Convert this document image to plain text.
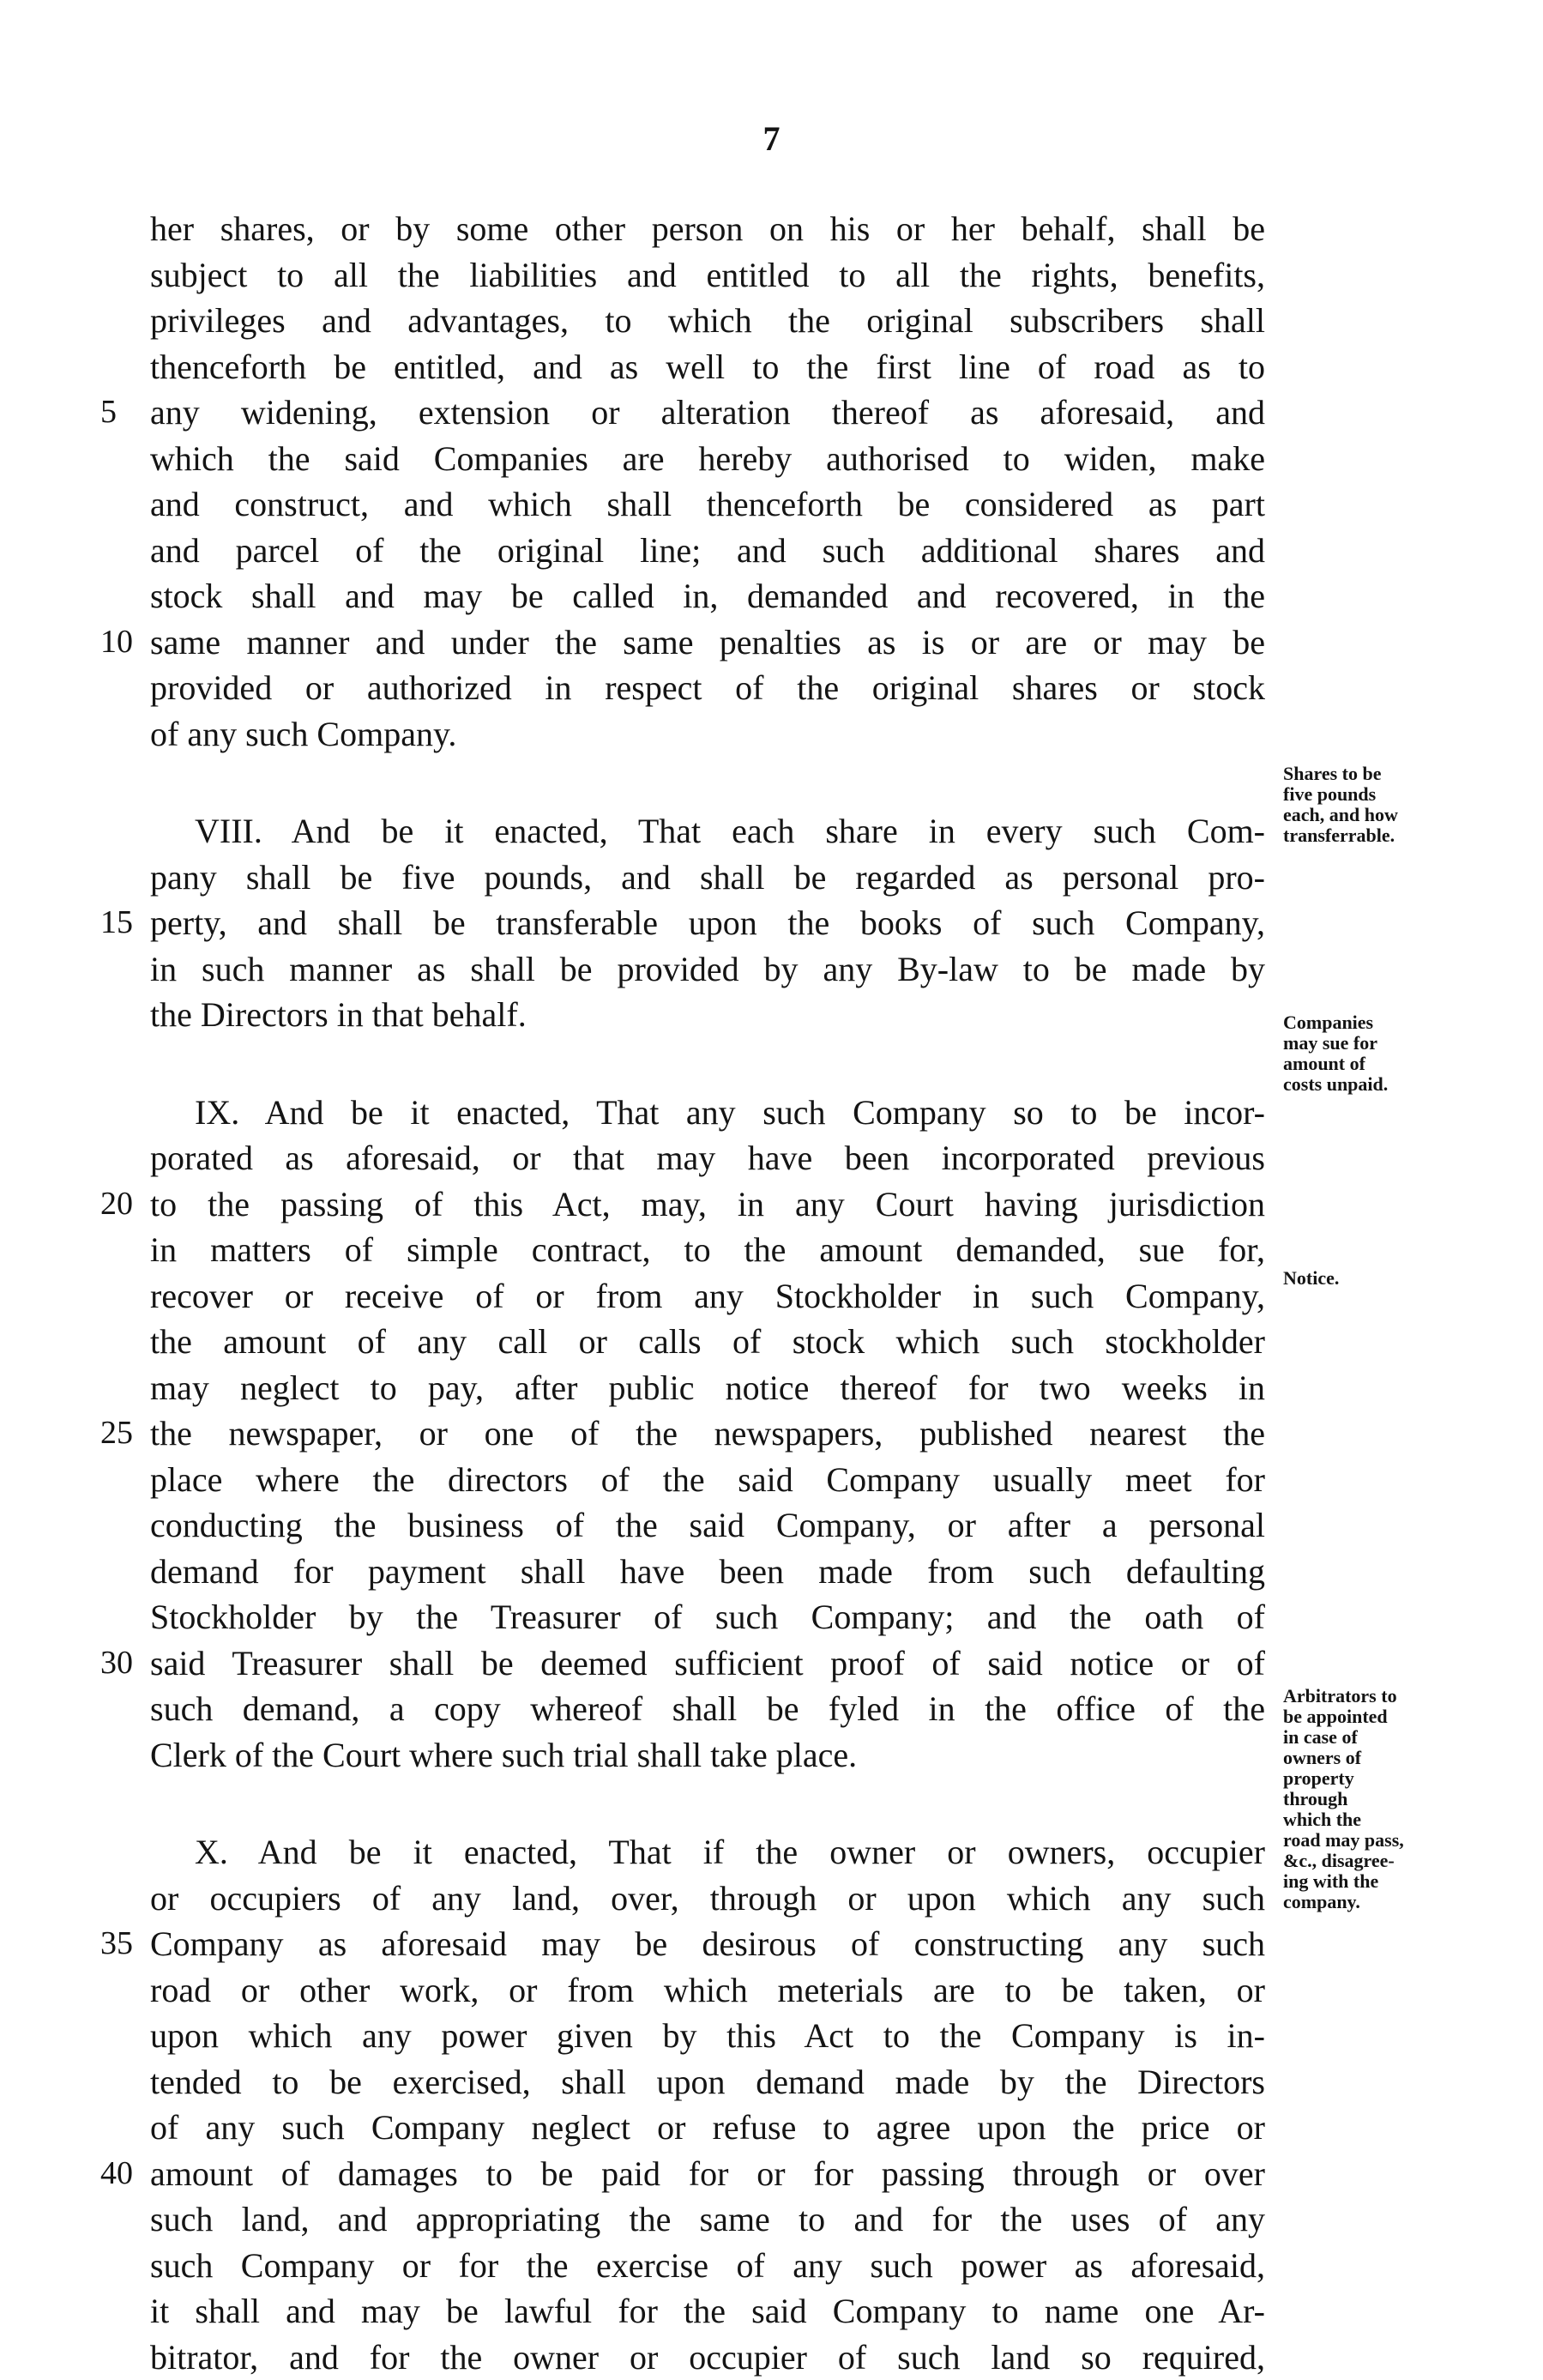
7
her shares, or by some other person on his or her behalf, shall be
subject to all the liabilities and entitled to all the rights, benefits,
privileges and advantages, to which the original subscribers shall
thenceforth be entitled, and as well to the first line of road as to
5 any widening, extension or alteration thereof as aforesaid, and
which the said Companies are hereby authorised to widen, make
and construct, and which shall thenceforth be considered as part
and parcel of the original line; and such additional shares and
stock shall and may be called in, demanded and recovered, in the
10 same manner and under the same penalties as is or are or may be
provided or authorized in respect of the original shares or stock
of any such Company.
VIII. And be it enacted, That each share in every such Com-
pany shall be five pounds, and shall be regarded as personal pro-
15 perty, and shall be transferable upon the books of such Company,
in such manner as shall be provided by any By-law to be made by
the Directors in that behalf.
IX. And be it enacted, That any such Company so to be incor-
porated as aforesaid, or that may have been incorporated previous
20 to the passing of this Act, may, in any Court having jurisdiction
in matters of simple contract, to the amount demanded, sue for,
recover or receive of or from any Stockholder in such Company,
the amount of any call or calls of stock which such stockholder
may neglect to pay, after public notice thereof for two weeks in
25 the newspaper, or one of the newspapers, published nearest the
place where the directors of the said Company usually meet for
conducting the business of the said Company, or after a personal
demand for payment shall have been made from such defaulting
Stockholder by the Treasurer of such Company; and the oath of
30 said Treasurer shall be deemed sufficient proof of said notice or of
such demand, a copy whereof shall be fyled in the office of the
Clerk of the Court where such trial shall take place.
X. And be it enacted, That if the owner or owners, occupier
or occupiers of any land, over, through or upon which any such
35 Company as aforesaid may be desirous of constructing any such
road or other work, or from which meterials are to be taken, or
upon which any power given by this Act to the Company is in-
tended to be exercised, shall upon demand made by the Directors
of any such Company neglect or refuse to agree upon the price or
40 amount of damages to be paid for or for passing through or over
such land, and appropriating the same to and for the uses of any
such Company or for the exercise of any such power as aforesaid,
it shall and may be lawful for the said Company to name one Ar-
bitrator, and for the owner or occupier of such land so required,
Shares to be
five pounds
each, and how
transferrable.
Companies
may sue for
amount of
costs unpaid.
Notice.
Arbitrators to
be appointed
in case of
owners of
property
through
which the
road may pass,
&c., disagree-
ing with the
company.
